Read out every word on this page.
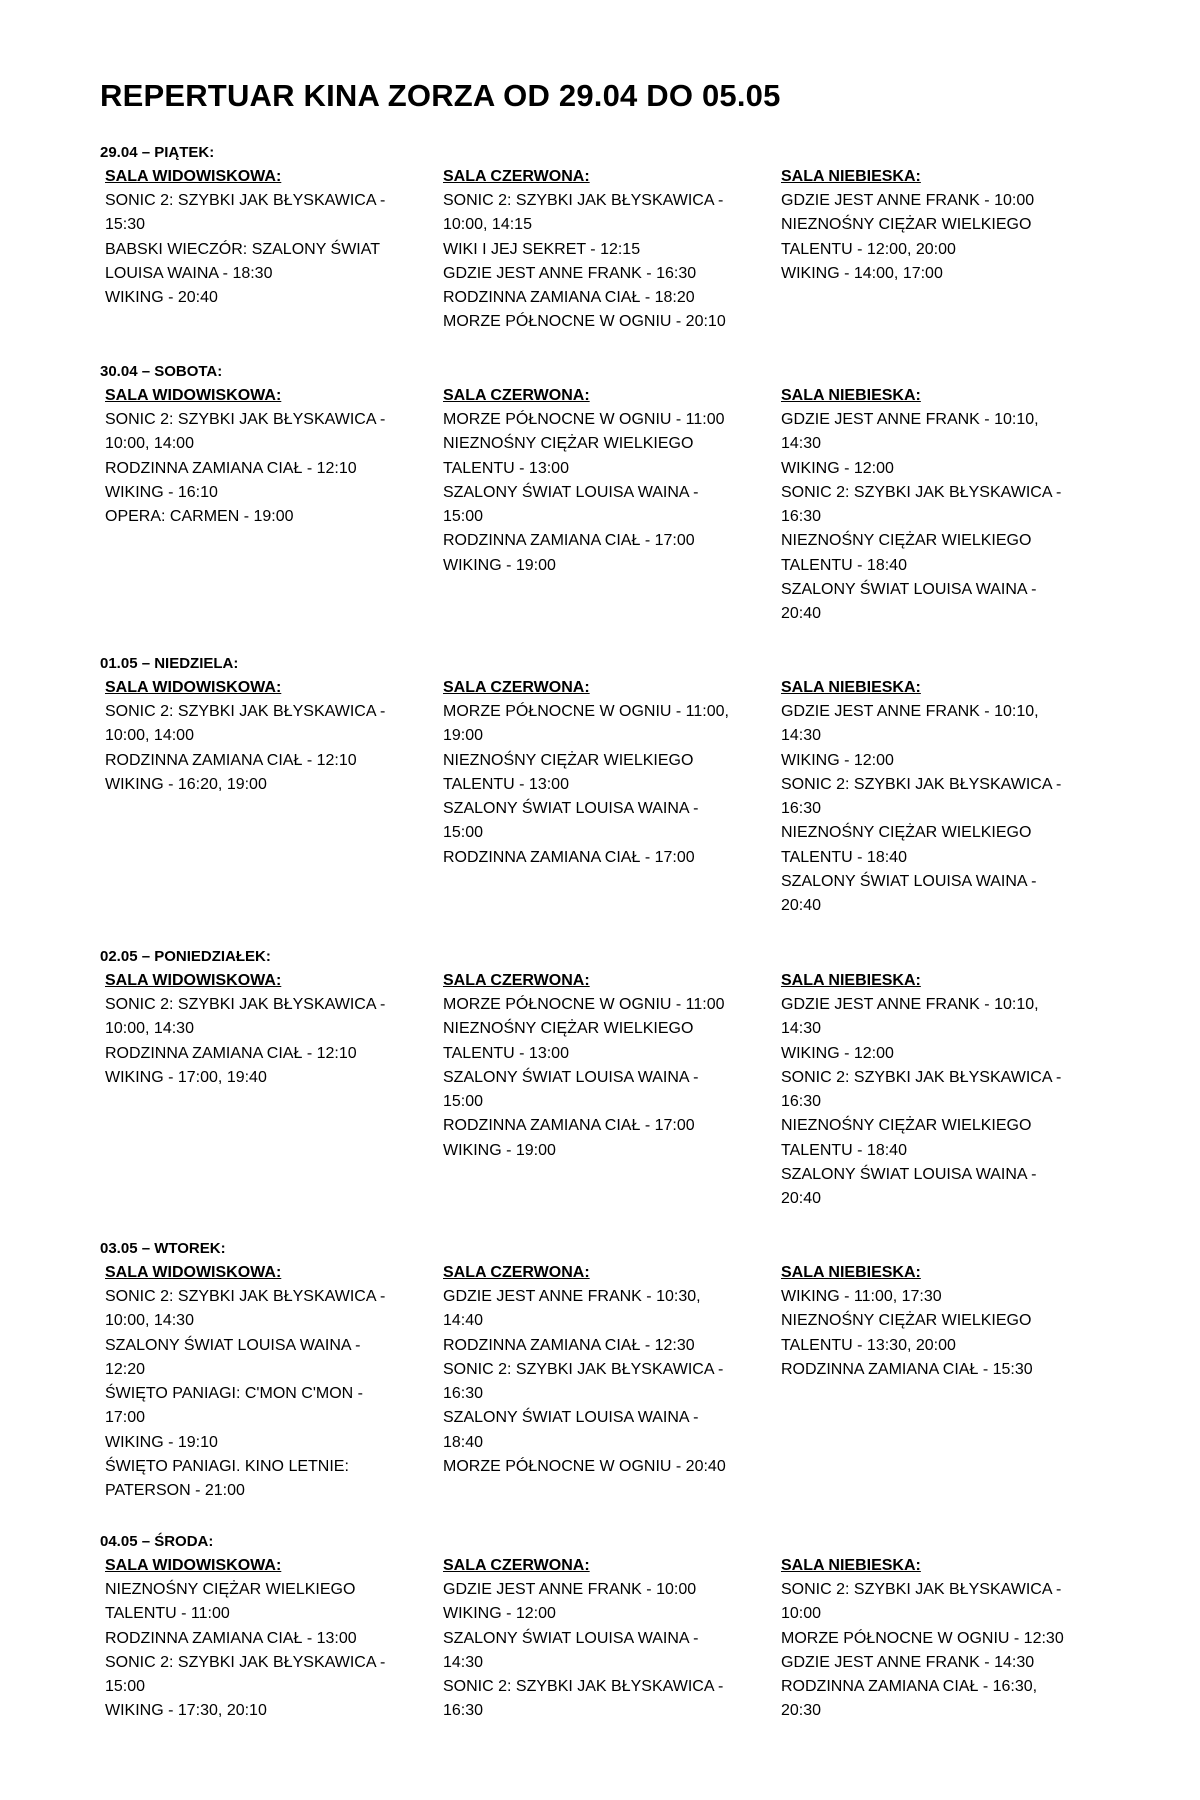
REPERTUAR KINA ZORZA OD 29.04 DO 05.05
29.04 – PIĄTEK:
SALA WIDOWISKOWA:
SONIC 2: SZYBKI JAK BŁYSKAWICA -
15:30
BABSKI WIECZÓR: SZALONY ŚWIAT
LOUISA WAINA - 18:30
WIKING - 20:40
SALA CZERWONA:
SONIC 2: SZYBKI JAK BŁYSKAWICA -
10:00, 14:15
WIKI I JEJ SEKRET - 12:15
GDZIE JEST ANNE FRANK - 16:30
RODZINNA ZAMIANA CIAŁ - 18:20
MORZE PÓŁNOCNE W OGNIU - 20:10
SALA NIEBIESKA:
GDZIE JEST ANNE FRANK - 10:00
NIEZNOŚNY CIĘŻAR WIELKIEGO
TALENTU - 12:00, 20:00
WIKING - 14:00, 17:00
30.04 – SOBOTA:
SALA WIDOWISKOWA:
SONIC 2: SZYBKI JAK BŁYSKAWICA -
10:00, 14:00
RODZINNA ZAMIANA CIAŁ - 12:10
WIKING - 16:10
OPERA: CARMEN - 19:00
SALA CZERWONA:
MORZE PÓŁNOCNE W OGNIU - 11:00
NIEZNOŚNY CIĘŻAR WIELKIEGO
TALENTU - 13:00
SZALONY ŚWIAT LOUISA WAINA -
15:00
RODZINNA ZAMIANA CIAŁ - 17:00
WIKING - 19:00
SALA NIEBIESKA:
GDZIE JEST ANNE FRANK - 10:10,
14:30
WIKING - 12:00
SONIC 2: SZYBKI JAK BŁYSKAWICA -
16:30
NIEZNOŚNY CIĘŻAR WIELKIEGO
TALENTU - 18:40
SZALONY ŚWIAT LOUISA WAINA -
20:40
01.05 – NIEDZIELA:
SALA WIDOWISKOWA:
SONIC 2: SZYBKI JAK BŁYSKAWICA -
10:00, 14:00
RODZINNA ZAMIANA CIAŁ - 12:10
WIKING - 16:20, 19:00
SALA CZERWONA:
MORZE PÓŁNOCNE W OGNIU - 11:00,
19:00
NIEZNOŚNY CIĘŻAR WIELKIEGO
TALENTU - 13:00
SZALONY ŚWIAT LOUISA WAINA -
15:00
RODZINNA ZAMIANA CIAŁ - 17:00
SALA NIEBIESKA:
GDZIE JEST ANNE FRANK - 10:10,
14:30
WIKING - 12:00
SONIC 2: SZYBKI JAK BŁYSKAWICA -
16:30
NIEZNOŚNY CIĘŻAR WIELKIEGO
TALENTU - 18:40
SZALONY ŚWIAT LOUISA WAINA -
20:40
02.05 – PONIEDZIAŁEK:
SALA WIDOWISKOWA:
SONIC 2: SZYBKI JAK BŁYSKAWICA -
10:00, 14:30
RODZINNA ZAMIANA CIAŁ - 12:10
WIKING - 17:00, 19:40
SALA CZERWONA:
MORZE PÓŁNOCNE W OGNIU - 11:00
NIEZNOŚNY CIĘŻAR WIELKIEGO
TALENTU - 13:00
SZALONY ŚWIAT LOUISA WAINA -
15:00
RODZINNA ZAMIANA CIAŁ - 17:00
WIKING - 19:00
SALA NIEBIESKA:
GDZIE JEST ANNE FRANK - 10:10,
14:30
WIKING - 12:00
SONIC 2: SZYBKI JAK BŁYSKAWICA -
16:30
NIEZNOŚNY CIĘŻAR WIELKIEGO
TALENTU - 18:40
SZALONY ŚWIAT LOUISA WAINA -
20:40
03.05 – WTOREK:
SALA WIDOWISKOWA:
SONIC 2: SZYBKI JAK BŁYSKAWICA -
10:00, 14:30
SZALONY ŚWIAT LOUISA WAINA -
12:20
ŚWIĘTO PANIAGI: C'MON C'MON -
17:00
WIKING - 19:10
ŚWIĘTO PANIAGI. KINO LETNIE:
PATERSON - 21:00
SALA CZERWONA:
GDZIE JEST ANNE FRANK - 10:30,
14:40
RODZINNA ZAMIANA CIAŁ - 12:30
SONIC 2: SZYBKI JAK BŁYSKAWICA -
16:30
SZALONY ŚWIAT LOUISA WAINA -
18:40
MORZE PÓŁNOCNE W OGNIU - 20:40
SALA NIEBIESKA:
WIKING - 11:00, 17:30
NIEZNOŚNY CIĘŻAR WIELKIEGO
TALENTU - 13:30, 20:00
RODZINNA ZAMIANA CIAŁ - 15:30
04.05 – ŚRODA:
SALA WIDOWISKOWA:
NIEZNOŚNY CIĘŻAR WIELKIEGO
TALENTU - 11:00
RODZINNA ZAMIANA CIAŁ - 13:00
SONIC 2: SZYBKI JAK BŁYSKAWICA -
15:00
WIKING - 17:30, 20:10
SALA CZERWONA:
GDZIE JEST ANNE FRANK - 10:00
WIKING - 12:00
SZALONY ŚWIAT LOUISA WAINA -
14:30
SONIC 2: SZYBKI JAK BŁYSKAWICA -
16:30
SALA NIEBIESKA:
SONIC 2: SZYBKI JAK BŁYSKAWICA -
10:00
MORZE PÓŁNOCNE W OGNIU - 12:30
GDZIE JEST ANNE FRANK - 14:30
RODZINNA ZAMIANA CIAŁ - 16:30,
20:30
